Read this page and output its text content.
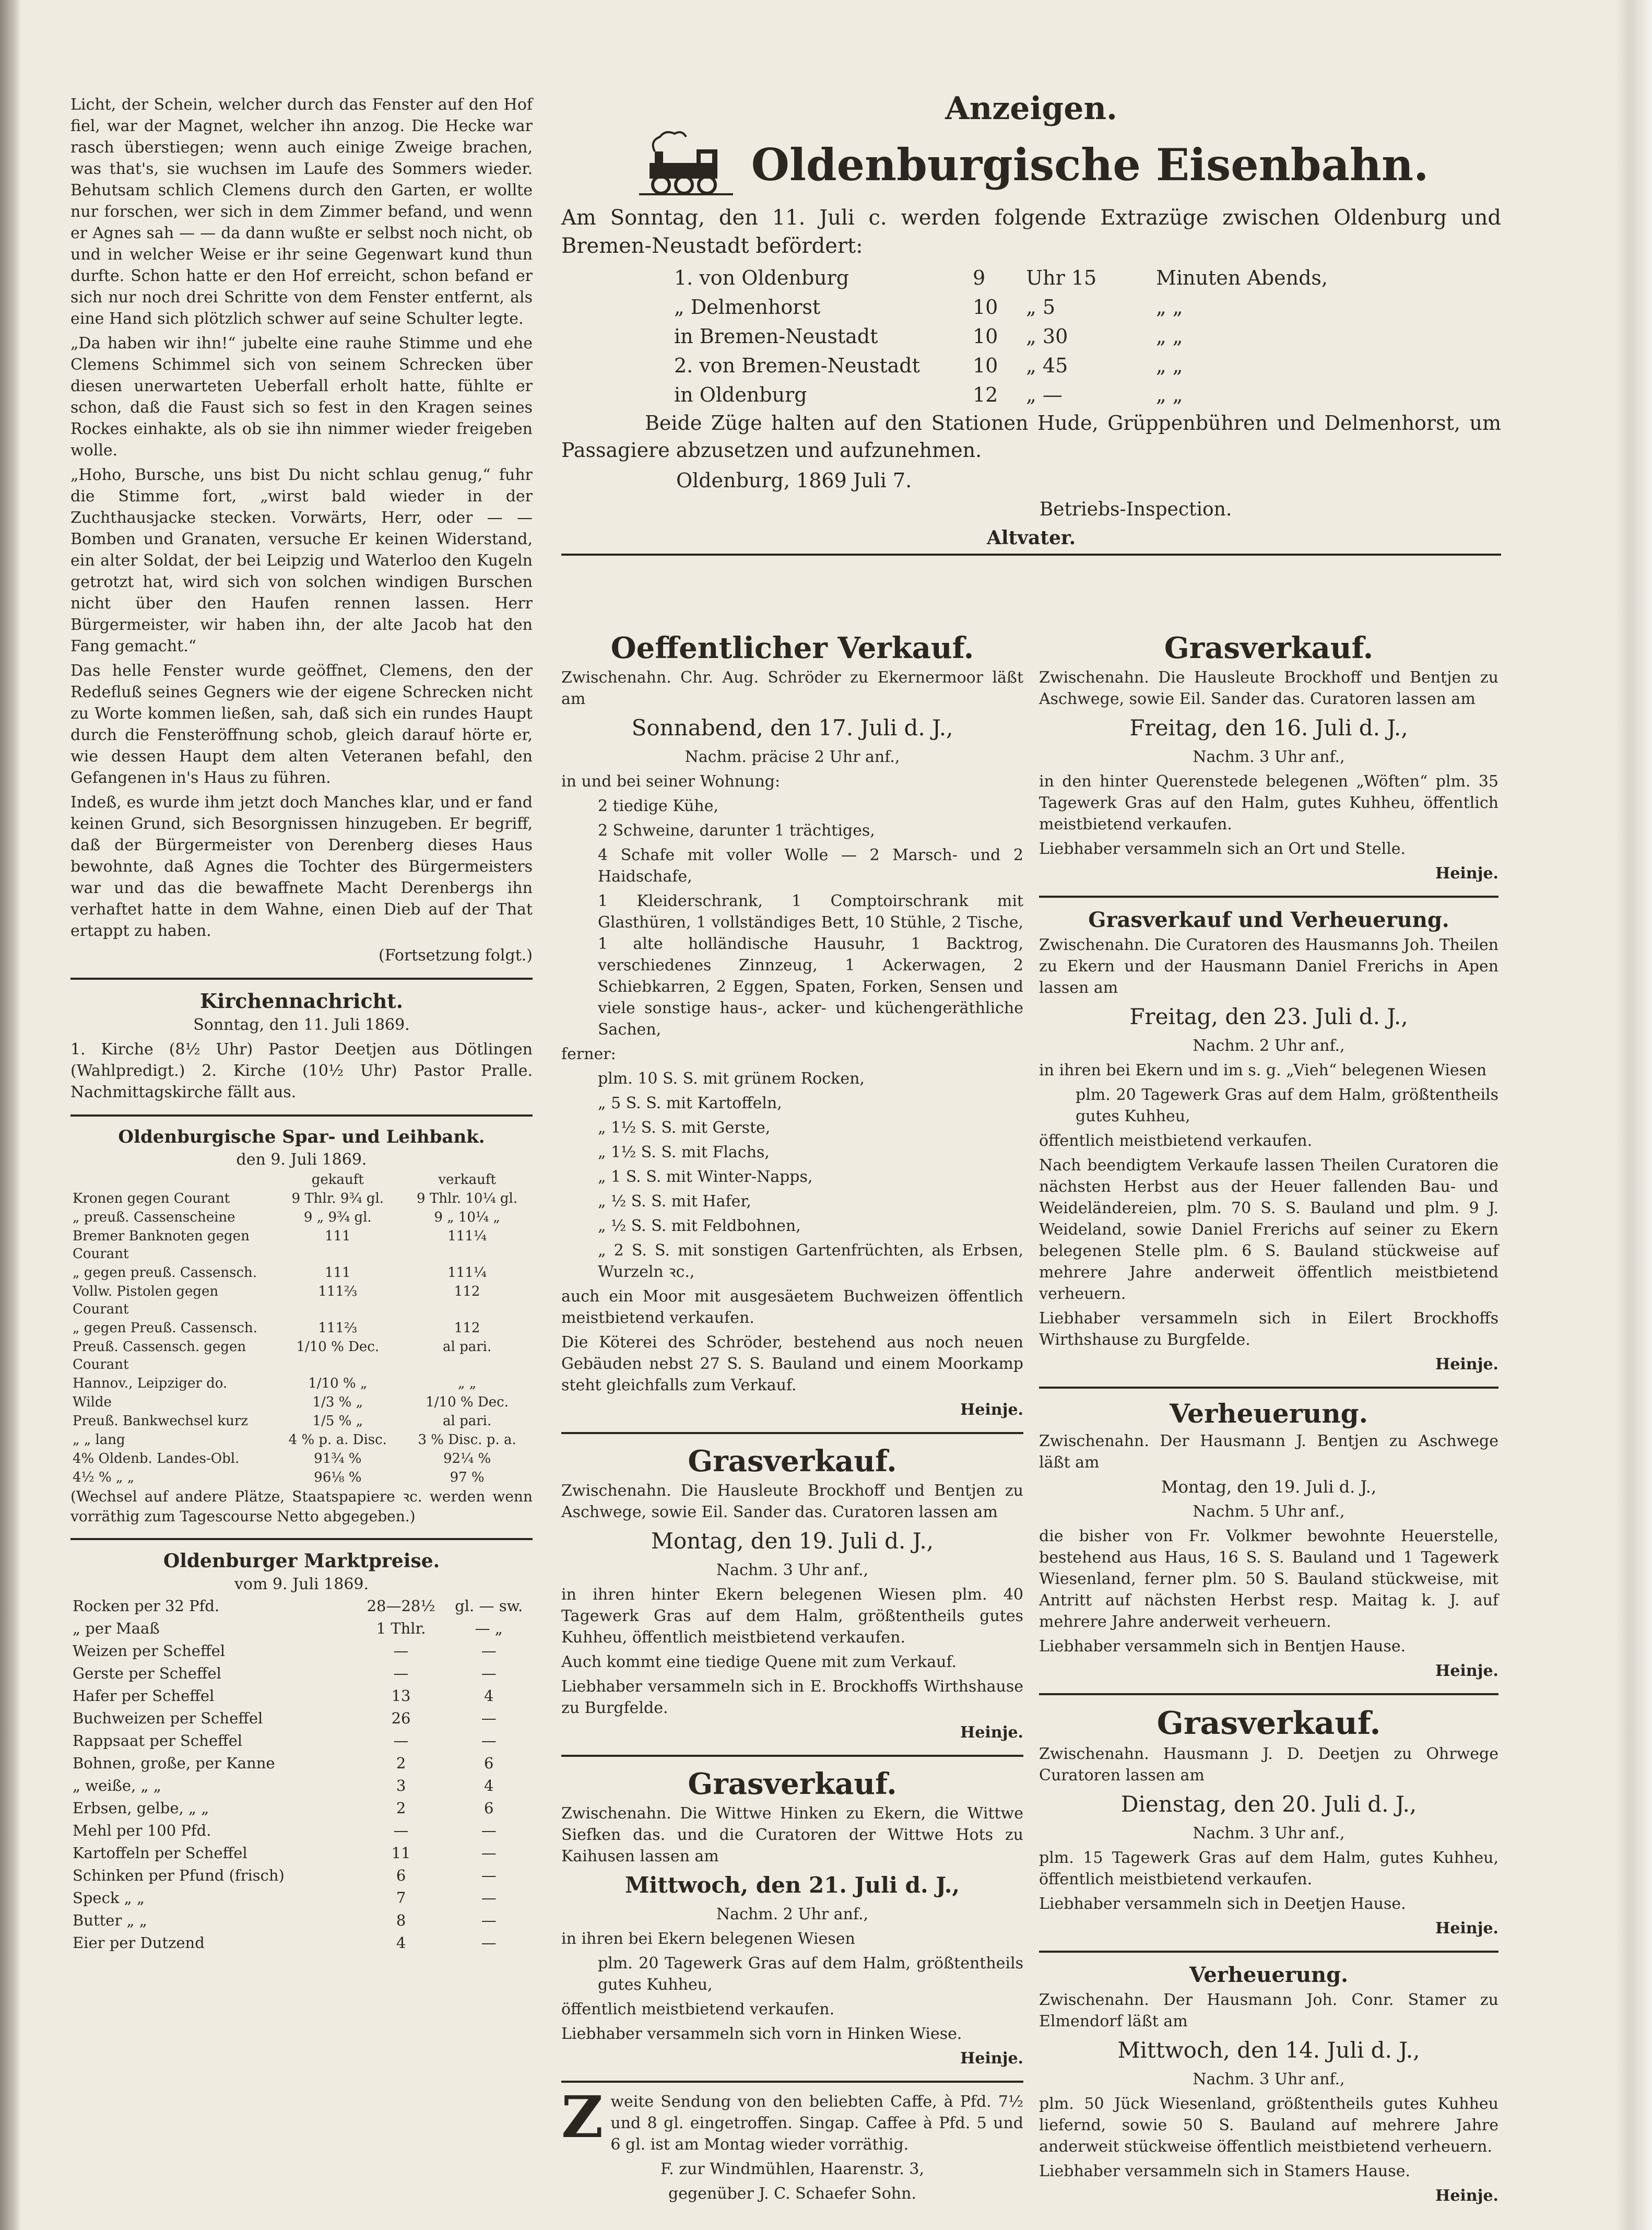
Licht, der Schein, welcher durch das Fenster auf den Hof fiel, war der Magnet, welcher ihn anzog. Die Hecke war rasch überstiegen; wenn auch einige Zweige brachen, was that's, sie wuchsen im Laufe des Sommers wieder. Behutsam schlich Clemens durch den Garten, er wollte nur forschen, wer sich in dem Zimmer befand, und wenn er Agnes sah — — da dann wußte er selbst noch nicht, ob und in welcher Weise er ihr seine Gegenwart kund thun durfte. Schon hatte er den Hof erreicht, schon befand er sich nur noch drei Schritte von dem Fenster entfernt, als eine Hand sich plötzlich schwer auf seine Schulter legte.

„Da haben wir ihn!“ jubelte eine rauhe Stimme und ehe Clemens Schimmel sich von seinem Schrecken über diesen unerwarteten Ueberfall erholt hatte, fühlte er schon, daß die Faust sich so fest in den Kragen seines Rockes einhakte, als ob sie ihn nimmer wieder freigeben wolle.

„Hoho, Bursche, uns bist Du nicht schlau genug,“ fuhr die Stimme fort, „wirst bald wieder in der Zuchthausjacke stecken. Vorwärts, Herr, oder — — Bomben und Granaten, versuche Er keinen Widerstand, ein alter Soldat, der bei Leipzig und Waterloo den Kugeln getrotzt hat, wird sich von solchen windigen Burschen nicht über den Haufen rennen lassen. Herr Bürgermeister, wir haben ihn, der alte Jacob hat den Fang gemacht.“

Das helle Fenster wurde geöffnet, Clemens, den der Redefluß seines Gegners wie der eigene Schrecken nicht zu Worte kommen ließen, sah, daß sich ein rundes Haupt durch die Fensteröffnung schob, gleich darauf hörte er, wie dessen Haupt dem alten Veteranen befahl, den Gefangenen in's Haus zu führen.

Indeß, es wurde ihm jetzt doch Manches klar, und er fand keinen Grund, sich Besorgnissen hinzugeben. Er begriff, daß der Bürgermeister von Derenberg dieses Haus bewohnte, daß Agnes die Tochter des Bürgermeisters war und das die bewaffnete Macht Derenbergs ihn verhaftet hatte in dem Wahne, einen Dieb auf der That ertappt zu haben.

(Fortsetzung folgt.)

Kirchennachricht.

Sonntag, den 11. Juli 1869.

1. Kirche (8½ Uhr) Pastor Deetjen aus Dötlingen (Wahlpredigt.) 2. Kirche (10½ Uhr) Pastor Pralle. Nachmittagskirche fällt aus.

Oldenburgische Spar- und Leihbank.

den 9. Juli 1869.

	gekauft	verkauft
Kronen gegen Courant	9 Thlr. 9¾ gl.	9 Thlr. 10¼ gl.
„ preuß. Cassenscheine	9 „ 9¾ gl.	9 „ 10¼ „
Bremer Banknoten gegen Courant	111	111¼
„ gegen preuß. Cassensch.	111	111¼
Vollw. Pistolen gegen Courant	111⅔	112
„ gegen Preuß. Cassensch.	111⅔	112
Preuß. Cassensch. gegen Courant	1/10 % Dec.	al pari.
Hannov., Leipziger do.	1/10 % „	„ „
Wilde	1/3 % „	1/10 % Dec.
Preuß. Bankwechsel kurz	1/5 % „	al pari.
„ „ lang	4 % p. a. Disc.	3 % Disc. p. a.
4% Oldenb. Landes-Obl.	91¾ %	92¼ %
4½ % „ „	96⅛ %	97 %

(Wechsel auf andere Plätze, Staatspapiere ꝛc. werden wenn vorräthig zum Tagescourse Netto abgegeben.)

Oldenburger Marktpreise.

vom 9. Juli 1869.

Rocken per 32 Pfd.	28—28½	gl. — sw.
„ per Maaß	1 Thlr.	— „
Weizen per Scheffel	—	—
Gerste per Scheffel	—	—
Hafer per Scheffel	13	4
Buchweizen per Scheffel	26	—
Rappsaat per Scheffel	—	—
Bohnen, große, per Kanne	2	6
„ weiße, „ „	3	4
Erbsen, gelbe, „ „	2	6
Mehl per 100 Pfd.	—	—
Kartoffeln per Scheffel	11	—
Schinken per Pfund (frisch)	6	—
Speck „ „	7	—
Butter „ „	8	—
Eier per Dutzend	4	—

Anzeigen.

Oldenburgische Eisenbahn.

Am Sonntag, den 11. Juli c. werden folgende Extrazüge zwischen Oldenburg und Bremen-Neustadt befördert:

1. von Oldenburg	9	Uhr 15	Minuten Abends,
„ Delmenhorst	10	„ 5	„ „
in Bremen-Neustadt	10	„ 30	„ „
2. von Bremen-Neustadt	10	„ 45	„ „
in Oldenburg	12	„ —	„ „

Beide Züge halten auf den Stationen Hude, Grüppenbühren und Delmenhorst, um Passagiere abzusetzen und aufzunehmen.

Oldenburg, 1869 Juli 7.

Betriebs-Inspection.

Altvater.

Oeffentlicher Verkauf.

Zwischenahn. Chr. Aug. Schröder zu Ekernermoor läßt am

Sonnabend, den 17. Juli d. J.,

Nachm. präcise 2 Uhr anf.,

in und bei seiner Wohnung:

2 tiedige Kühe,

2 Schweine, darunter 1 trächtiges,

4 Schafe mit voller Wolle — 2 Marsch- und 2 Haidschafe,

1 Kleiderschrank, 1 Comptoirschrank mit Glasthüren, 1 vollständiges Bett, 10 Stühle, 2 Tische, 1 alte holländische Hausuhr, 1 Backtrog, verschiedenes Zinnzeug, 1 Ackerwagen, 2 Schiebkarren, 2 Eggen, Spaten, Forken, Sensen und viele sonstige haus-, acker- und küchengeräthliche Sachen,

ferner:

plm. 10 S. S. mit grünem Rocken,

„ 5 S. S. mit Kartoffeln,

„ 1½ S. S. mit Gerste,

„ 1½ S. S. mit Flachs,

„ 1 S. S. mit Winter-Napps,

„ ½ S. S. mit Hafer,

„ ½ S. S. mit Feldbohnen,

„ 2 S. S. mit sonstigen Gartenfrüchten, als Erbsen, Wurzeln ꝛc.,

auch ein Moor mit ausgesäetem Buchweizen öffentlich meistbietend verkaufen.

Die Köterei des Schröder, bestehend aus noch neuen Gebäuden nebst 27 S. S. Bauland und einem Moorkamp steht gleichfalls zum Verkauf.

Heinje.

Grasverkauf.

Zwischenahn. Die Hausleute Brockhoff und Bentjen zu Aschwege, sowie Eil. Sander das. Curatoren lassen am

Montag, den 19. Juli d. J.,

Nachm. 3 Uhr anf.,

in ihren hinter Ekern belegenen Wiesen plm. 40 Tagewerk Gras auf dem Halm, größtentheils gutes Kuhheu, öffentlich meistbietend verkaufen.

Auch kommt eine tiedige Quene mit zum Verkauf.

Liebhaber versammeln sich in E. Brockhoffs Wirthshause zu Burgfelde.

Heinje.

Grasverkauf.

Zwischenahn. Die Wittwe Hinken zu Ekern, die Wittwe Siefken das. und die Curatoren der Wittwe Hots zu Kaihusen lassen am

Mittwoch, den 21. Juli d. J.,

Nachm. 2 Uhr anf.,

in ihren bei Ekern belegenen Wiesen

plm. 20 Tagewerk Gras auf dem Halm, größtentheils gutes Kuhheu,

öffentlich meistbietend verkaufen.

Liebhaber versammeln sich vorn in Hinken Wiese.

Heinje.

Zweite Sendung von den beliebten Caffe, à Pfd. 7½ und 8 gl. eingetroffen. Singap. Caffee à Pfd. 5 und 6 gl. ist am Montag wieder vorräthig.

F. zur Windmühlen, Haarenstr. 3,

gegenüber J. C. Schaefer Sohn.

Grasverkauf.

Zwischenahn. Die Hausleute Brockhoff und Bentjen zu Aschwege, sowie Eil. Sander das. Curatoren lassen am

Freitag, den 16. Juli d. J.,

Nachm. 3 Uhr anf.,

in den hinter Querenstede belegenen „Wöften“ plm. 35 Tagewerk Gras auf den Halm, gutes Kuhheu, öffentlich meistbietend verkaufen.

Liebhaber versammeln sich an Ort und Stelle.

Heinje.

Grasverkauf und Verheuerung.

Zwischenahn. Die Curatoren des Hausmanns Joh. Theilen zu Ekern und der Hausmann Daniel Frerichs in Apen lassen am

Freitag, den 23. Juli d. J.,

Nachm. 2 Uhr anf.,

in ihren bei Ekern und im s. g. „Vieh“ belegenen Wiesen

plm. 20 Tagewerk Gras auf dem Halm, größtentheils gutes Kuhheu,

öffentlich meistbietend verkaufen.

Nach beendigtem Verkaufe lassen Theilen Curatoren die nächsten Herbst aus der Heuer fallenden Bau- und Weideländereien, plm. 70 S. S. Bauland und plm. 9 J. Weideland, sowie Daniel Frerichs auf seiner zu Ekern belegenen Stelle plm. 6 S. Bauland stückweise auf mehrere Jahre anderweit öffentlich meistbietend verheuern.

Liebhaber versammeln sich in Eilert Brockhoffs Wirthshause zu Burgfelde.

Heinje.

Verheuerung.

Zwischenahn. Der Hausmann J. Bentjen zu Aschwege läßt am

Montag, den 19. Juli d. J.,

Nachm. 5 Uhr anf.,

die bisher von Fr. Volkmer bewohnte Heuerstelle, bestehend aus Haus, 16 S. S. Bauland und 1 Tagewerk Wiesenland, ferner plm. 50 S. Bauland stückweise, mit Antritt auf nächsten Herbst resp. Maitag k. J. auf mehrere Jahre anderweit verheuern.

Liebhaber versammeln sich in Bentjen Hause.

Heinje.

Grasverkauf.

Zwischenahn. Hausmann J. D. Deetjen zu Ohrwege Curatoren lassen am

Dienstag, den 20. Juli d. J.,

Nachm. 3 Uhr anf.,

plm. 15 Tagewerk Gras auf dem Halm, gutes Kuhheu, öffentlich meistbietend verkaufen.

Liebhaber versammeln sich in Deetjen Hause.

Heinje.

Verheuerung.

Zwischenahn. Der Hausmann Joh. Conr. Stamer zu Elmendorf läßt am

Mittwoch, den 14. Juli d. J.,

Nachm. 3 Uhr anf.,

plm. 50 Jück Wiesenland, größtentheils gutes Kuhheu liefernd, sowie 50 S. Bauland auf mehrere Jahre anderweit stückweise öffentlich meistbietend verheuern.

Liebhaber versammeln sich in Stamers Hause.

Heinje.
